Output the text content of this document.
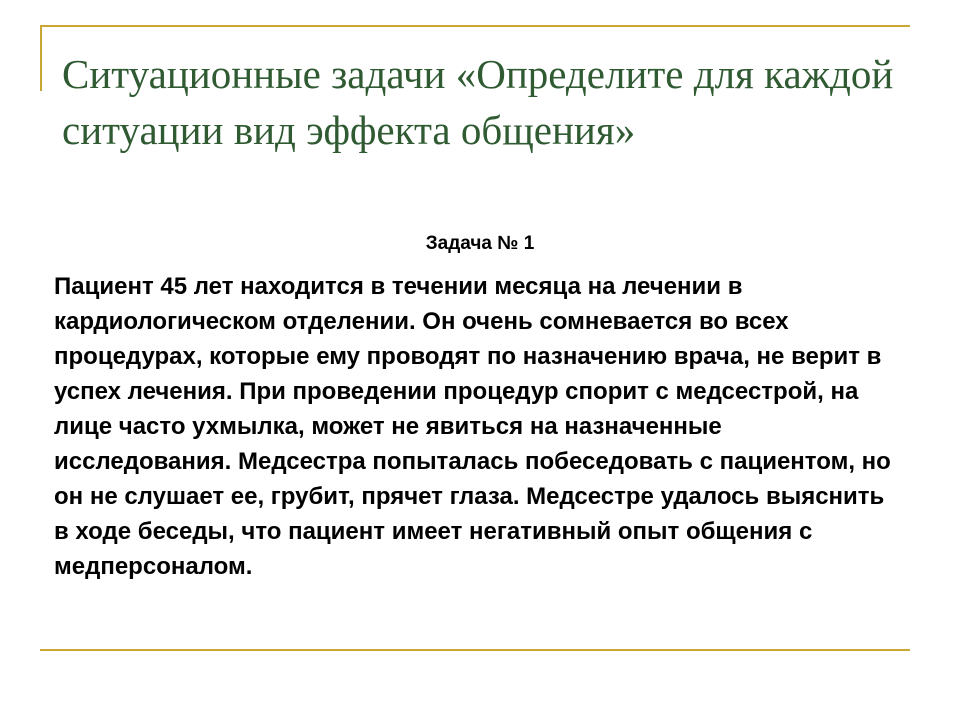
Ситуационные задачи «Определите для каждой ситуации вид эффекта общения»
Задача № 1

Пациент 45 лет находится в течении месяца на лечении в кардиологическом отделении. Он очень сомневается во всех процедурах, которые ему проводят по назначению врача, не верит в успех лечения. При проведении процедур спорит с медсестрой, на лице часто ухмылка, может не явиться на назначенные исследования. Медсестра попыталась побеседовать с пациентом, но он не слушает ее, грубит, прячет глаза. Медсестре удалось выяснить в ходе беседы, что пациент имеет негативный опыт общения с медперсоналом.
